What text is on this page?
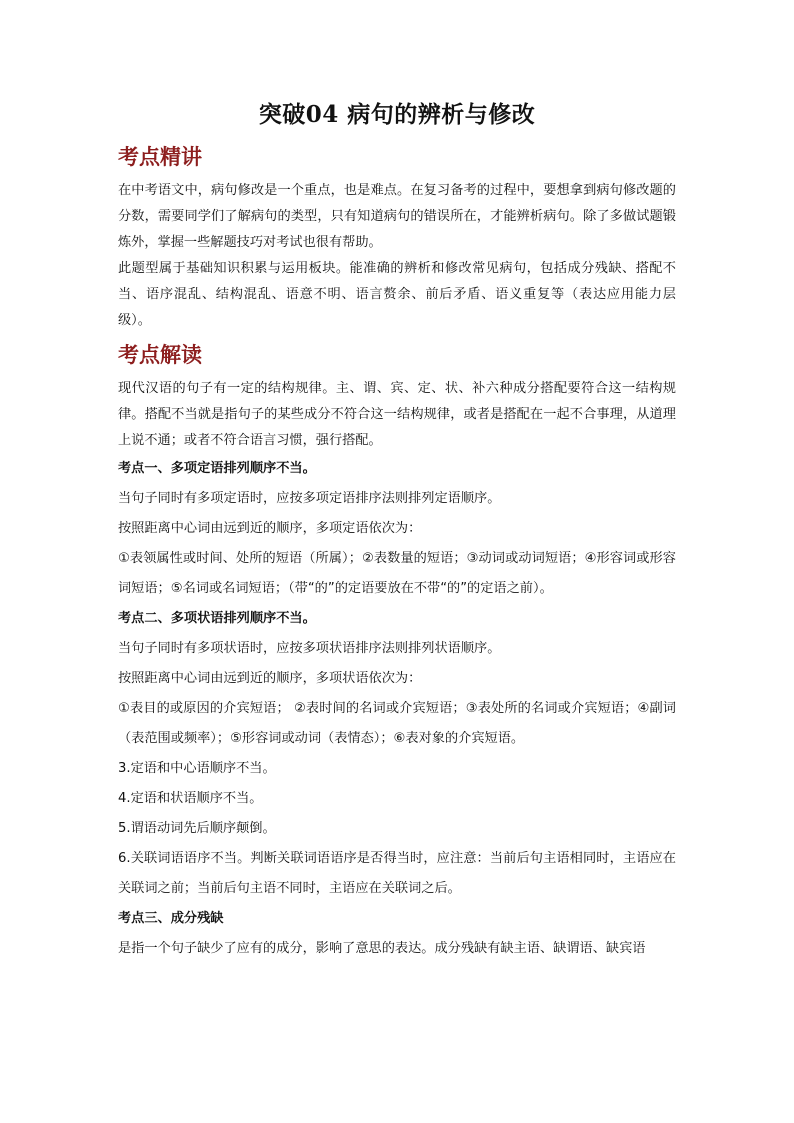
突破04 病句的辨析与修改
考点精讲

在中考语文中，病句修改是一个重点，也是难点。在复习备考的过程中，要想拿到病句修改题的分数，需要同学们了解病句的类型，只有知道病句的错误所在，才能辨析病句。除了多做试题锻炼外，掌握一些解题技巧对考试也很有帮助。

此题型属于基础知识积累与运用板块。能准确的辨析和修改常见病句，包括成分残缺、搭配不当、语序混乱、结构混乱、语意不明、语言赘余、前后矛盾、语义重复等（表达应用能力层级）。

考点解读

现代汉语的句子有一定的结构规律。主、谓、宾、定、状、补六种成分搭配要符合这一结构规律。搭配不当就是指句子的某些成分不符合这一结构规律，或者是搭配在一起不合事理，从道理上说不通；或者不符合语言习惯，强行搭配。

考点一、多项定语排列顺序不当。

当句子同时有多项定语时，应按多项定语排序法则排列定语顺序。

按照距离中心词由远到近的顺序，多项定语依次为：

①表领属性或时间、处所的短语（所属）；②表数量的短语；③动词或动词短语；④形容词或形容词短语；⑤名词或名词短语；（带“的”的定语要放在不带“的”的定语之前）。

考点二、多项状语排列顺序不当。

当句子同时有多项状语时，应按多项状语排序法则排列状语顺序。

按照距离中心词由远到近的顺序，多项状语依次为：

①表目的或原因的介宾短语； ②表时间的名词或介宾短语；③表处所的名词或介宾短语；④副词（表范围或频率）；⑤形容词或动词（表情态）；⑥表对象的介宾短语。

3.定语和中心语顺序不当。

4.定语和状语顺序不当。

5.谓语动词先后顺序颠倒。

6.关联词语语序不当。判断关联词语语序是否得当时，应注意：当前后句主语相同时，主语应在关联词之前；当前后句主语不同时，主语应在关联词之后。

考点三、成分残缺

是指一个句子缺少了应有的成分，影响了意思的表达。成分残缺有缺主语、缺谓语、缺宾语
